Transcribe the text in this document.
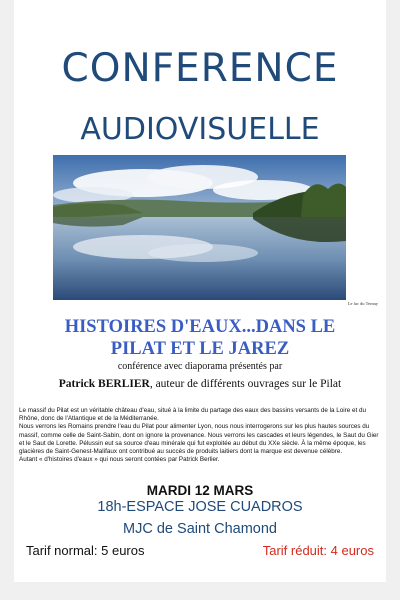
CONFERENCE
AUDIOVISUELLE
Le lac du Ternay
HISTOIRES D'EAUX...DANS LE
PILAT ET LE JAREZ
conférence avec diaporama présentés par
Patrick BERLIER, auteur de différents ouvrages sur le Pilat

Le massif du Pilat est un véritable château d'eau, situé à la limite du partage des eaux des bassins versants de la Loire et du Rhône, donc de l'Atlantique et de la Méditerranée.

Nous verrons les Romains prendre l'eau du Pilat pour alimenter Lyon, nous nous interrogerons sur les plus hautes sources du massif, comme celle de Saint-Sabin, dont on ignore la provenance. Nous verrons les cascades et leurs légendes, le Saut du Gier et le Saut de Lorette. Pélussin eut sa source d'eau minérale qui fut exploitée au début du XXe siècle. À la même époque, les glacières de Saint-Genest-Malifaux ont contribué au succès de produits laitiers dont la marque est devenue célèbre.

Autant « d'histoires d'eaux » qui nous seront contées par Patrick Berlier.

MARDI 12 MARS
18h-ESPACE JOSE CUADROS
MJC de Saint Chamond
Tarif normal: 5 euros	Tarif réduit: 4 euros
